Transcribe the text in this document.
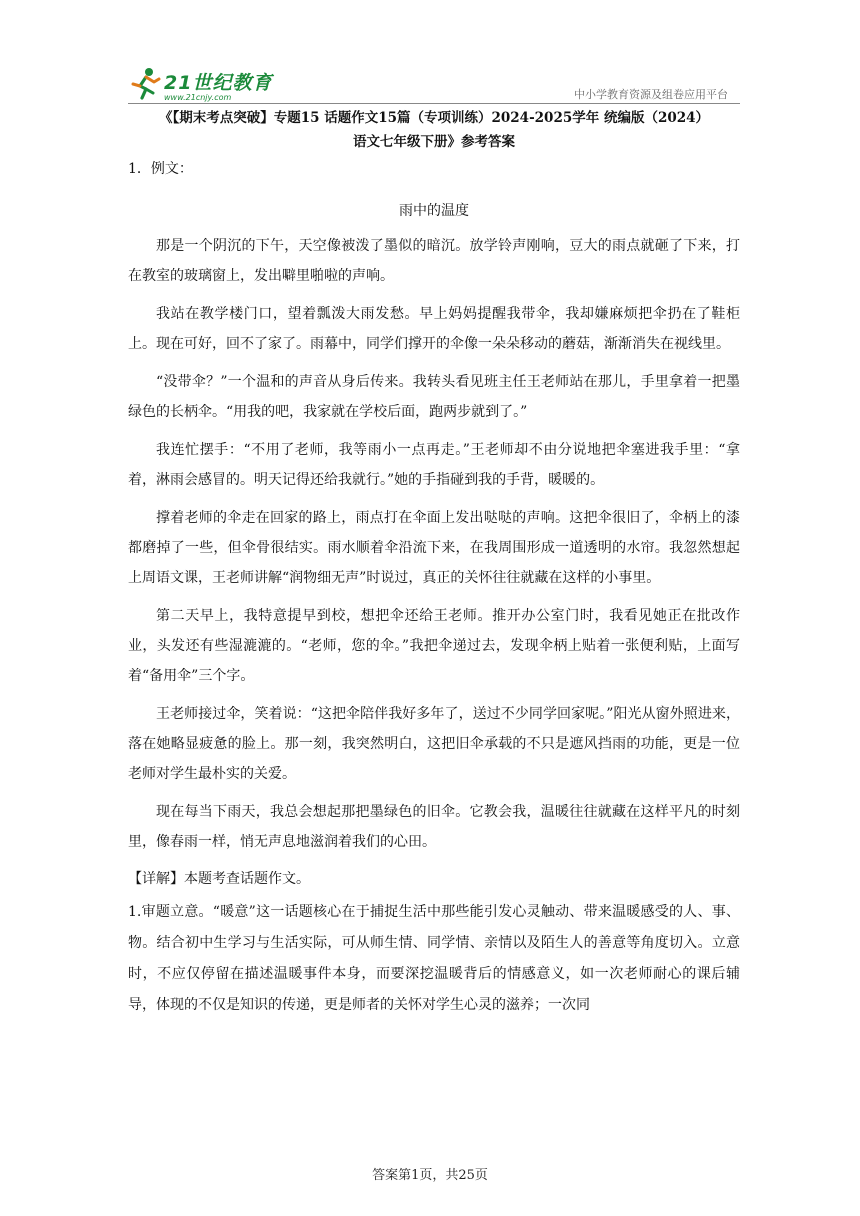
21世纪教育
www.21cnjy.com	中小学教育资源及组卷应用平台
《【期末考点突破】专题15 话题作文15篇（专项训练）2024-2025学年 统编版（2024）
语文七年级下册》参考答案
1．例文：
雨中的温度

那是一个阴沉的下午，天空像被泼了墨似的暗沉。放学铃声刚响，豆大的雨点就砸了下来，打在教室的玻璃窗上，发出噼里啪啦的声响。

我站在教学楼门口，望着瓢泼大雨发愁。早上妈妈提醒我带伞，我却嫌麻烦把伞扔在了鞋柜上。现在可好，回不了家了。雨幕中，同学们撑开的伞像一朵朵移动的蘑菇，渐渐消失在视线里。

“没带伞？”一个温和的声音从身后传来。我转头看见班主任王老师站在那儿，手里拿着一把墨绿色的长柄伞。“用我的吧，我家就在学校后面，跑两步就到了。”

我连忙摆手：“不用了老师，我等雨小一点再走。”王老师却不由分说地把伞塞进我手里：“拿着，淋雨会感冒的。明天记得还给我就行。”她的手指碰到我的手背，暖暖的。

撑着老师的伞走在回家的路上，雨点打在伞面上发出哒哒的声响。这把伞很旧了，伞柄上的漆都磨掉了一些，但伞骨很结实。雨水顺着伞沿流下来，在我周围形成一道透明的水帘。我忽然想起上周语文课，王老师讲解“润物细无声”时说过，真正的关怀往往就藏在这样的小事里。

第二天早上，我特意提早到校，想把伞还给王老师。推开办公室门时，我看见她正在批改作业，头发还有些湿漉漉的。“老师，您的伞。”我把伞递过去，发现伞柄上贴着一张便利贴，上面写着“备用伞”三个字。

王老师接过伞，笑着说：“这把伞陪伴我好多年了，送过不少同学回家呢。”阳光从窗外照进来，落在她略显疲惫的脸上。那一刻，我突然明白，这把旧伞承载的不只是遮风挡雨的功能，更是一位老师对学生最朴实的关爱。

现在每当下雨天，我总会想起那把墨绿色的旧伞。它教会我，温暖往往就藏在这样平凡的时刻里，像春雨一样，悄无声息地滋润着我们的心田。

【详解】本题考查话题作文。
1.审题立意。“暖意”这一话题核心在于捕捉生活中那些能引发心灵触动、带来温暖感受的人、事、物。结合初中生学习与生活实际，可从师生情、同学情、亲情以及陌生人的善意等角度切入。立意时，不应仅停留在描述温暖事件本身，而要深挖温暖背后的情感意义，如一次老师耐心的课后辅导，体现的不仅是知识的传递，更是师者的关怀对学生心灵的滋养；一次同
答案第1页，共25页
